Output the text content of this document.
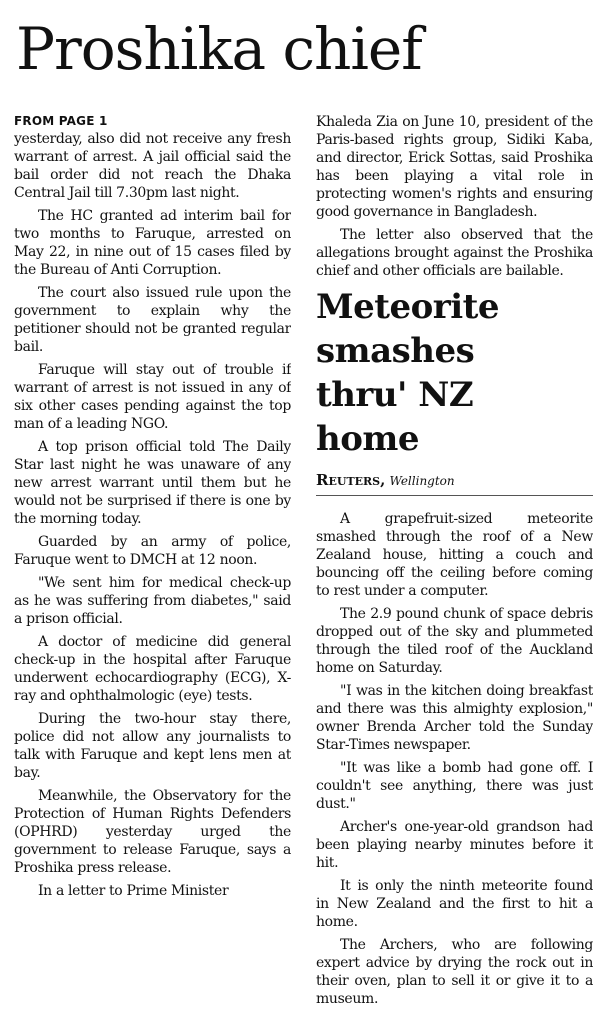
Proshika chief
FROM PAGE 1

yesterday, also did not receive any fresh warrant of arrest. A jail official said the bail order did not reach the Dhaka Central Jail till 7.30pm last night.

The HC granted ad interim bail for two months to Faruque, arrested on May 22, in nine out of 15 cases filed by the Bureau of Anti Corruption.

The court also issued rule upon the government to explain why the petitioner should not be granted regular bail.

Faruque will stay out of trouble if warrant of arrest is not issued in any of six other cases pending against the top man of a leading NGO.

A top prison official told The Daily Star last night he was unaware of any new arrest warrant until them but he would not be surprised if there is one by the morning today.

Guarded by an army of police, Faruque went to DMCH at 12 noon.

"We sent him for medical check-up as he was suffering from diabetes," said a prison official.

A doctor of medicine did general check-up in the hospital after Faruque underwent echocardiography (ECG), X-ray and ophthalmologic (eye) tests.

During the two-hour stay there, police did not allow any journalists to talk with Faruque and kept lens men at bay.

Meanwhile, the Observatory for the Protection of Human Rights Defenders (OPHRD) yesterday urged the government to release Faruque, says a Proshika press release.

In a letter to Prime Minister

Khaleda Zia on June 10, president of the Paris-based rights group, Sidiki Kaba, and director, Erick Sottas, said Proshika has been playing a vital role in protecting women's rights and ensuring good governance in Bangladesh.

The letter also observed that the allegations brought against the Proshika chief and other officials are bailable.

Meteorite smashes thru' NZ home
Reuters, Wellington

A grapefruit-sized meteorite smashed through the roof of a New Zealand house, hitting a couch and bouncing off the ceiling before coming to rest under a computer.

The 2.9 pound chunk of space debris dropped out of the sky and plummeted through the tiled roof of the Auckland home on Saturday.

"I was in the kitchen doing breakfast and there was this almighty explosion," owner Brenda Archer told the Sunday Star-Times newspaper.

"It was like a bomb had gone off. I couldn't see anything, there was just dust."

Archer's one-year-old grandson had been playing nearby minutes before it hit.

It is only the ninth meteorite found in New Zealand and the first to hit a home.

The Archers, who are following expert advice by drying the rock out in their oven, plan to sell it or give it to a museum.
